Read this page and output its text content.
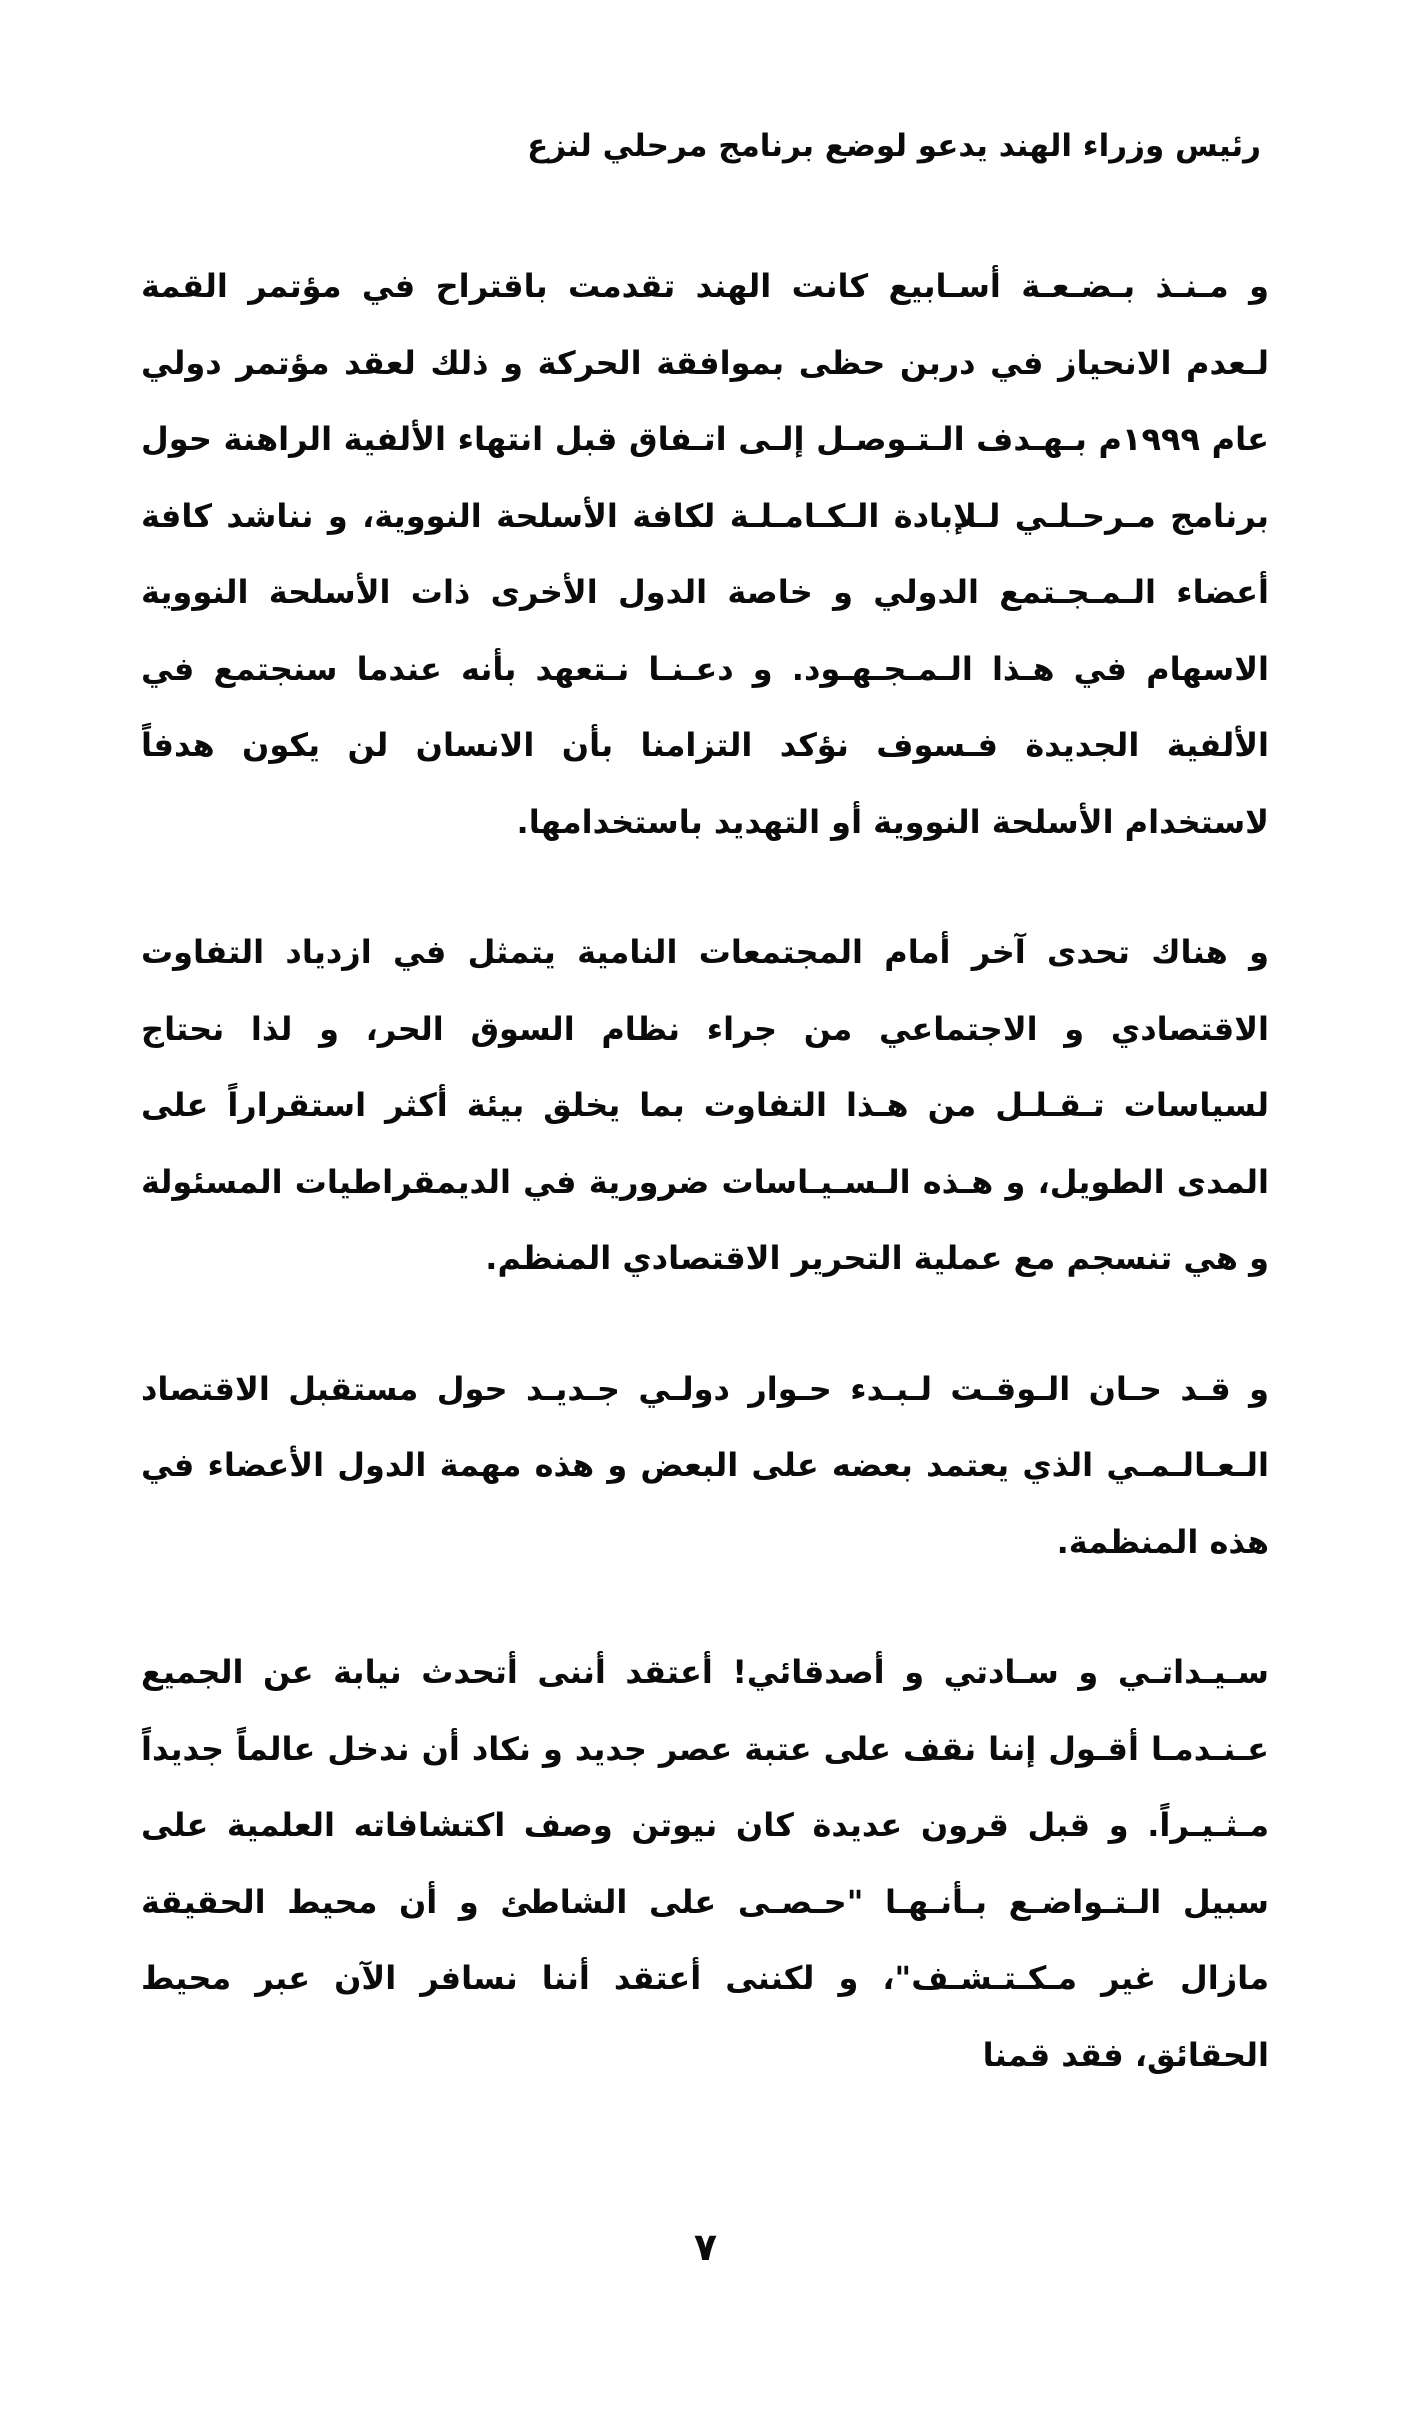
رئيس وزراء الهند يدعو لوضع برنامج مرحلي لنزع

و مـنـذ بـضـعـة أسـابيع كانت الهند تقدمت باقتراح في مؤتمر القمة لـعدم الانحياز في دربن حظى بموافقة الحركة و ذلك لعقد مؤتمر دولي عام ١٩٩٩م بـهـدف الـتـوصـل إلـى اتـفاق قبل انتهاء الألفية الراهنة حول برنامج مـرحـلـي لـلإبادة الـكـامـلـة لكافة الأسلحة النووية، و نناشد كافة أعضاء الـمـجـتمع الدولي و خاصة الدول الأخرى ذات الأسلحة النووية الاسهام في هـذا الـمـجـهـود. و دعـنـا نـتعهد بأنه عندما سنجتمع في الألفية الجديدة فـسوف نؤكد التزامنا بأن الانسان لن يكون هدفاً لاستخدام الأسلحة النووية أو التهديد باستخدامها.

و هناك تحدى آخر أمام المجتمعات النامية يتمثل في ازدياد التفاوت الاقتصادي و الاجتماعي من جراء نظام السوق الحر، و لذا نحتاج لسياسات تـقـلـل من هـذا التفاوت بما يخلق بيئة أكثر استقراراً على المدى الطويل، و هـذه الـسـيـاسات ضرورية في الديمقراطيات المسئولة و هي تنسجم مع عملية التحرير الاقتصادي المنظم.

و قـد حـان الـوقـت لـبـدء حـوار دولـي جـديـد حول مستقبل الاقتصاد الـعـالـمـي الذي يعتمد بعضه على البعض و هذه مهمة الدول الأعضاء في هذه المنظمة.

سـيـداتـي و سـادتي و أصدقائي! أعتقد أننى أتحدث نيابة عن الجميع عـنـدمـا أقـول إننا نقف على عتبة عصر جديد و نكاد أن ندخل عالماً جديداً مـثـيـراً. و قبل قرون عديدة كان نيوتن وصف اكتشافاته العلمية على سبيل الـتـواضـع بـأنـهـا "حـصـى على الشاطئ و أن محيط الحقيقة مازال غير مـكـتـشـف"، و لكننى أعتقد أننا نسافر الآن عبر محيط الحقائق، فقد قمنا

٧
